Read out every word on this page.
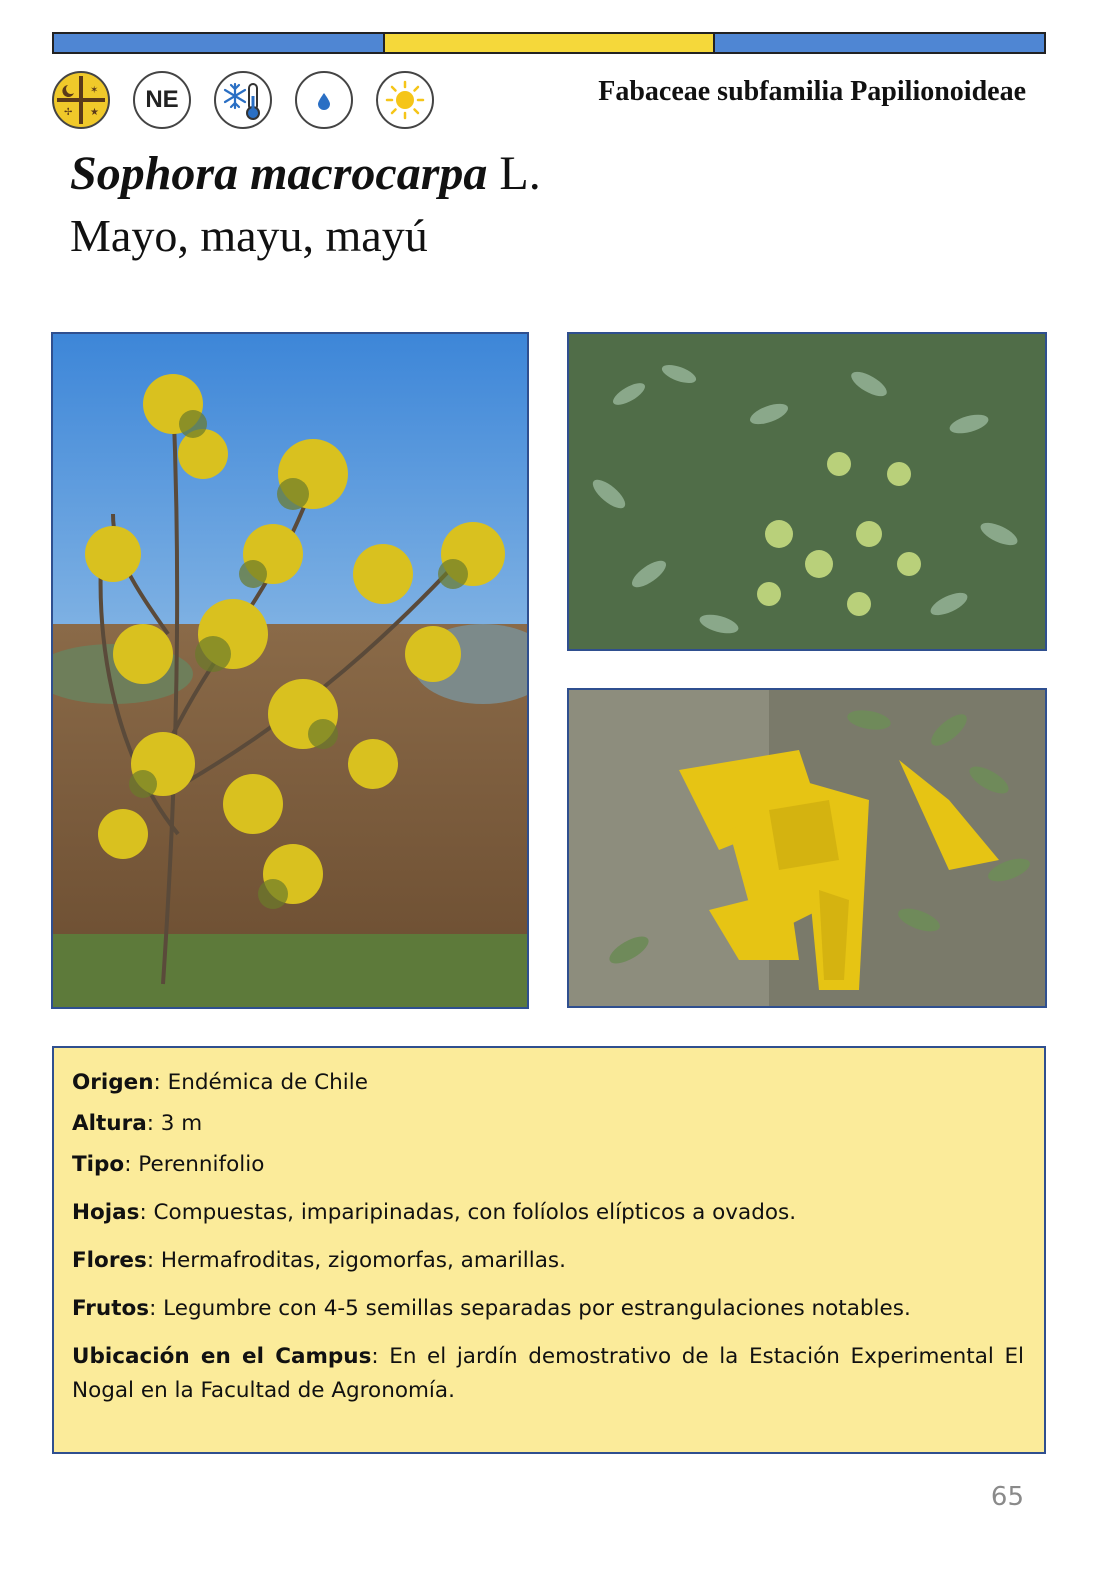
✶
✢ ★ NE	Fabaceae subfamilia Papilionoideae
Sophora macrocarpa L.
Mayo, mayu, mayú

Origen: Endémica de Chile

Altura: 3 m

Tipo: Perennifolio

Hojas: Compuestas, imparipinadas, con folíolos elípticos a ovados.

Flores: Hermafroditas, zigomorfas, amarillas.

Frutos: Legumbre con 4-5 semillas separadas por estrangulaciones notables.

Ubicación en el Campus: En el jardín demostrativo de la Estación Experimental El Nogal en la Facultad de Agronomía.

65
